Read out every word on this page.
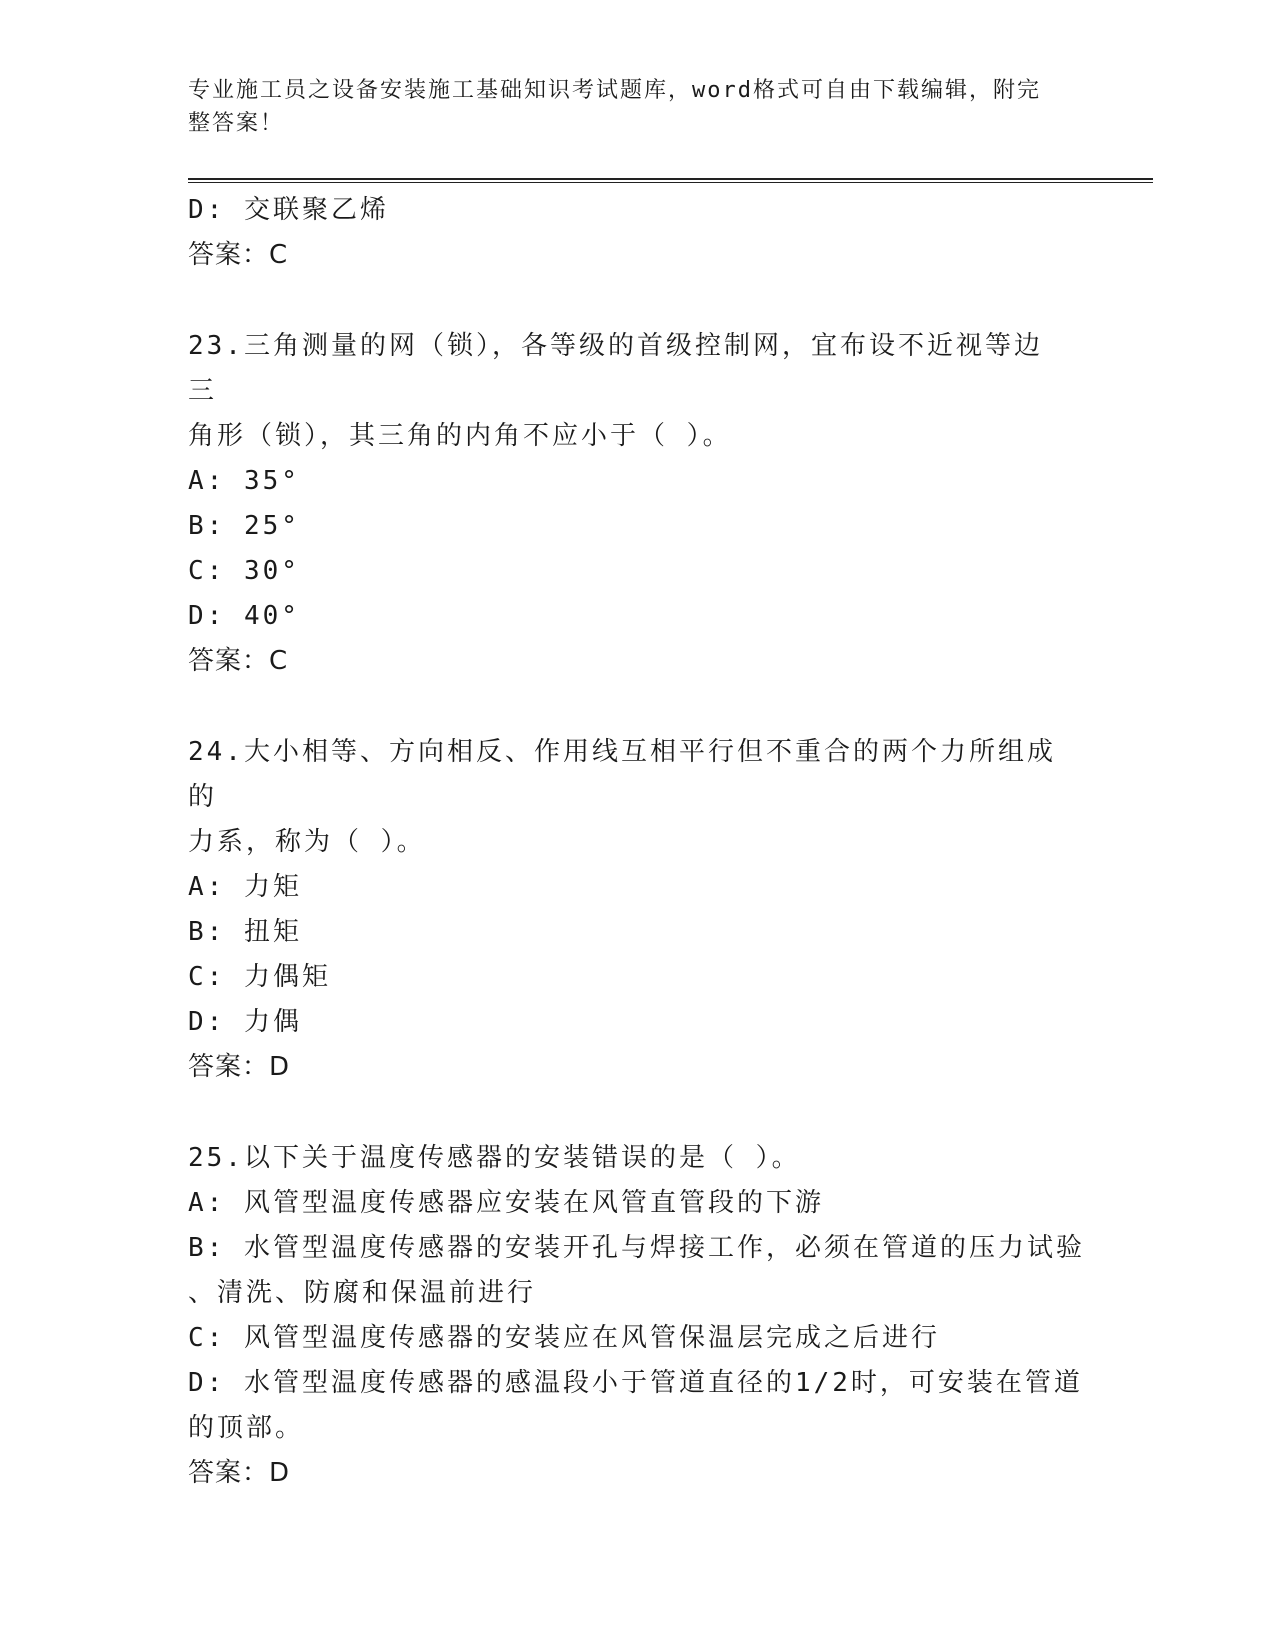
专业施工员之设备安装施工基础知识考试题库，word格式可自由下载编辑，附完
整答案！
D: 交联聚乙烯
答案：C
23.三角测量的网（锁），各等级的首级控制网，宜布设不近视等边三
角形（锁），其三角的内角不应小于（ ）。
A: 35°
B: 25°
C: 30°
D: 40°
答案：C
24.大小相等、方向相反、作用线互相平行但不重合的两个力所组成的
力系，称为（ ）。
A: 力矩
B: 扭矩
C: 力偶矩
D: 力偶
答案：D
25.以下关于温度传感器的安装错误的是（ ）。
A: 风管型温度传感器应安装在风管直管段的下游
B: 水管型温度传感器的安装开孔与焊接工作，必须在管道的压力试验
、清洗、防腐和保温前进行
C: 风管型温度传感器的安装应在风管保温层完成之后进行
D: 水管型温度传感器的感温段小于管道直径的1/2时，可安装在管道
的顶部。
答案：D
